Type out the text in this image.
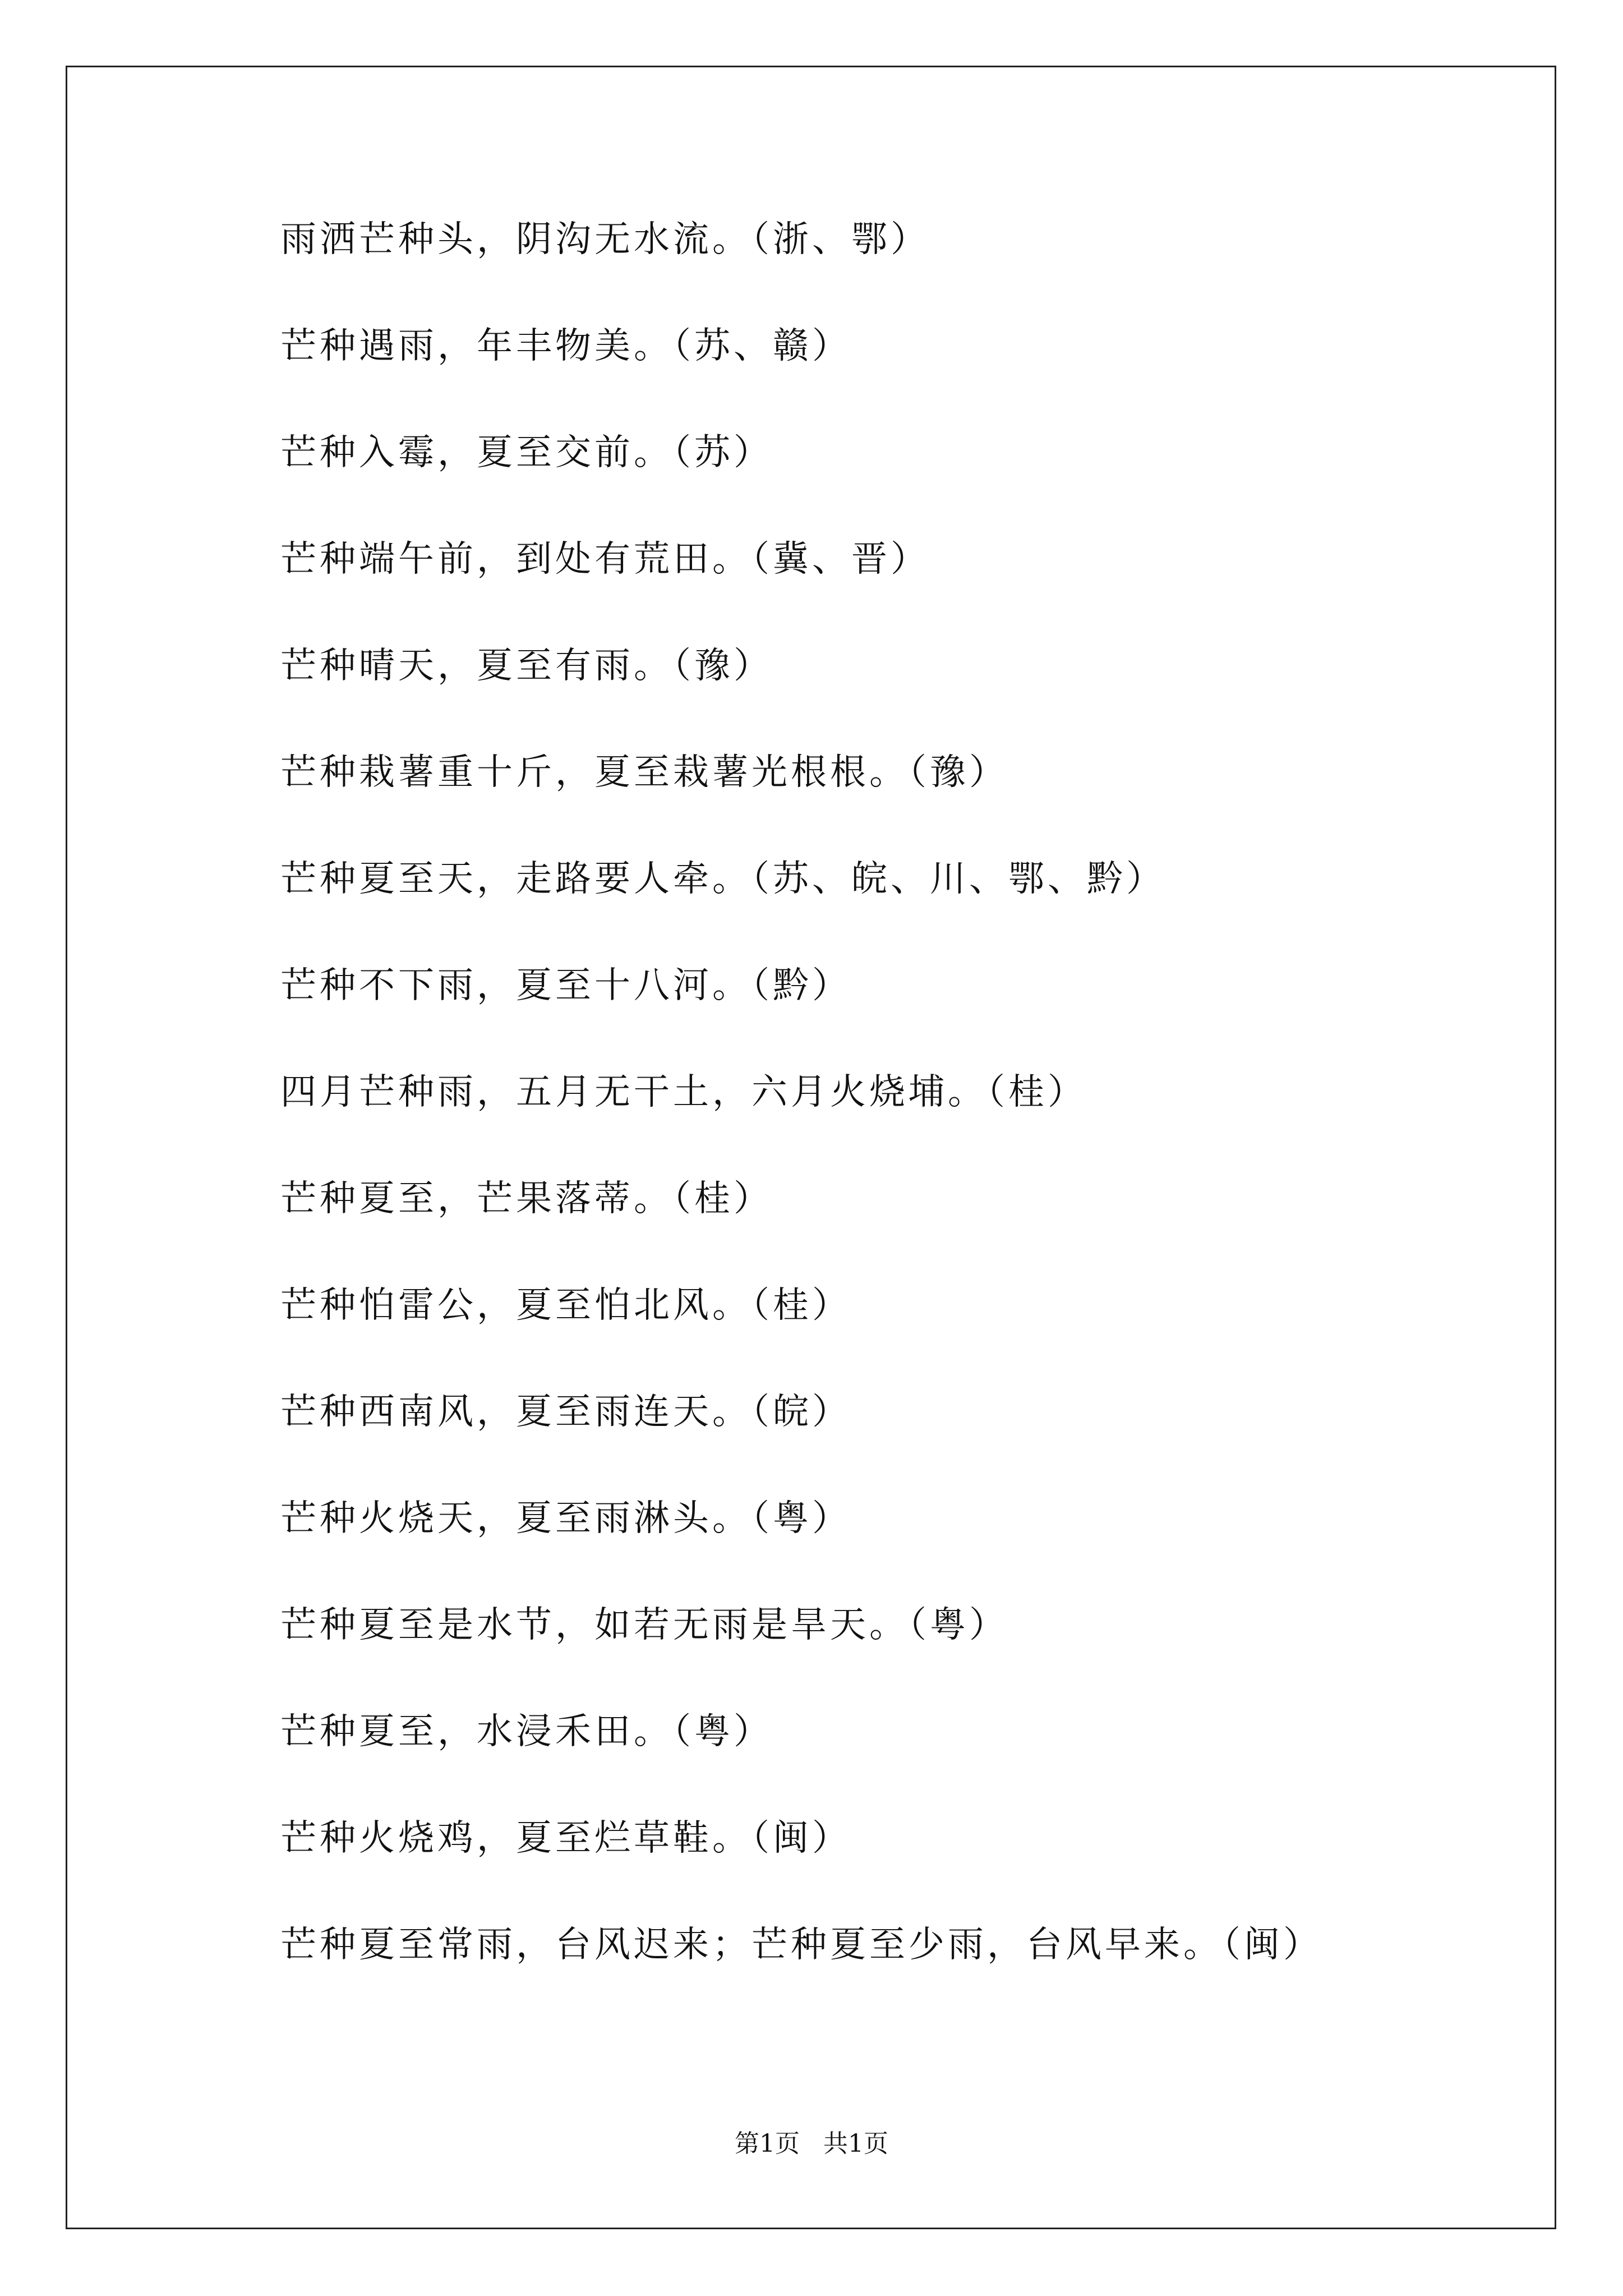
雨洒芒种头，阴沟无水流。（浙、鄂）
芒种遇雨，年丰物美。（苏、赣）
芒种入霉，夏至交前。（苏）
芒种端午前，到处有荒田。（冀、晋）
芒种晴天，夏至有雨。（豫）
芒种栽薯重十斤，夏至栽薯光根根。（豫）
芒种夏至天，走路要人牵。（苏、皖、川、鄂、黔）
芒种不下雨，夏至十八河。（黔）
四月芒种雨，五月无干土，六月火烧埔。（桂）
芒种夏至，芒果落蒂。（桂）
芒种怕雷公，夏至怕北风。（桂）
芒种西南风，夏至雨连天。（皖）
芒种火烧天，夏至雨淋头。（粤）
芒种夏至是水节，如若无雨是旱天。（粤）
芒种夏至，水浸禾田。（粤）
芒种火烧鸡，夏至烂草鞋。（闽）
芒种夏至常雨，台风迟来；芒种夏至少雨，台风早来。（闽）
第1页   共1页
